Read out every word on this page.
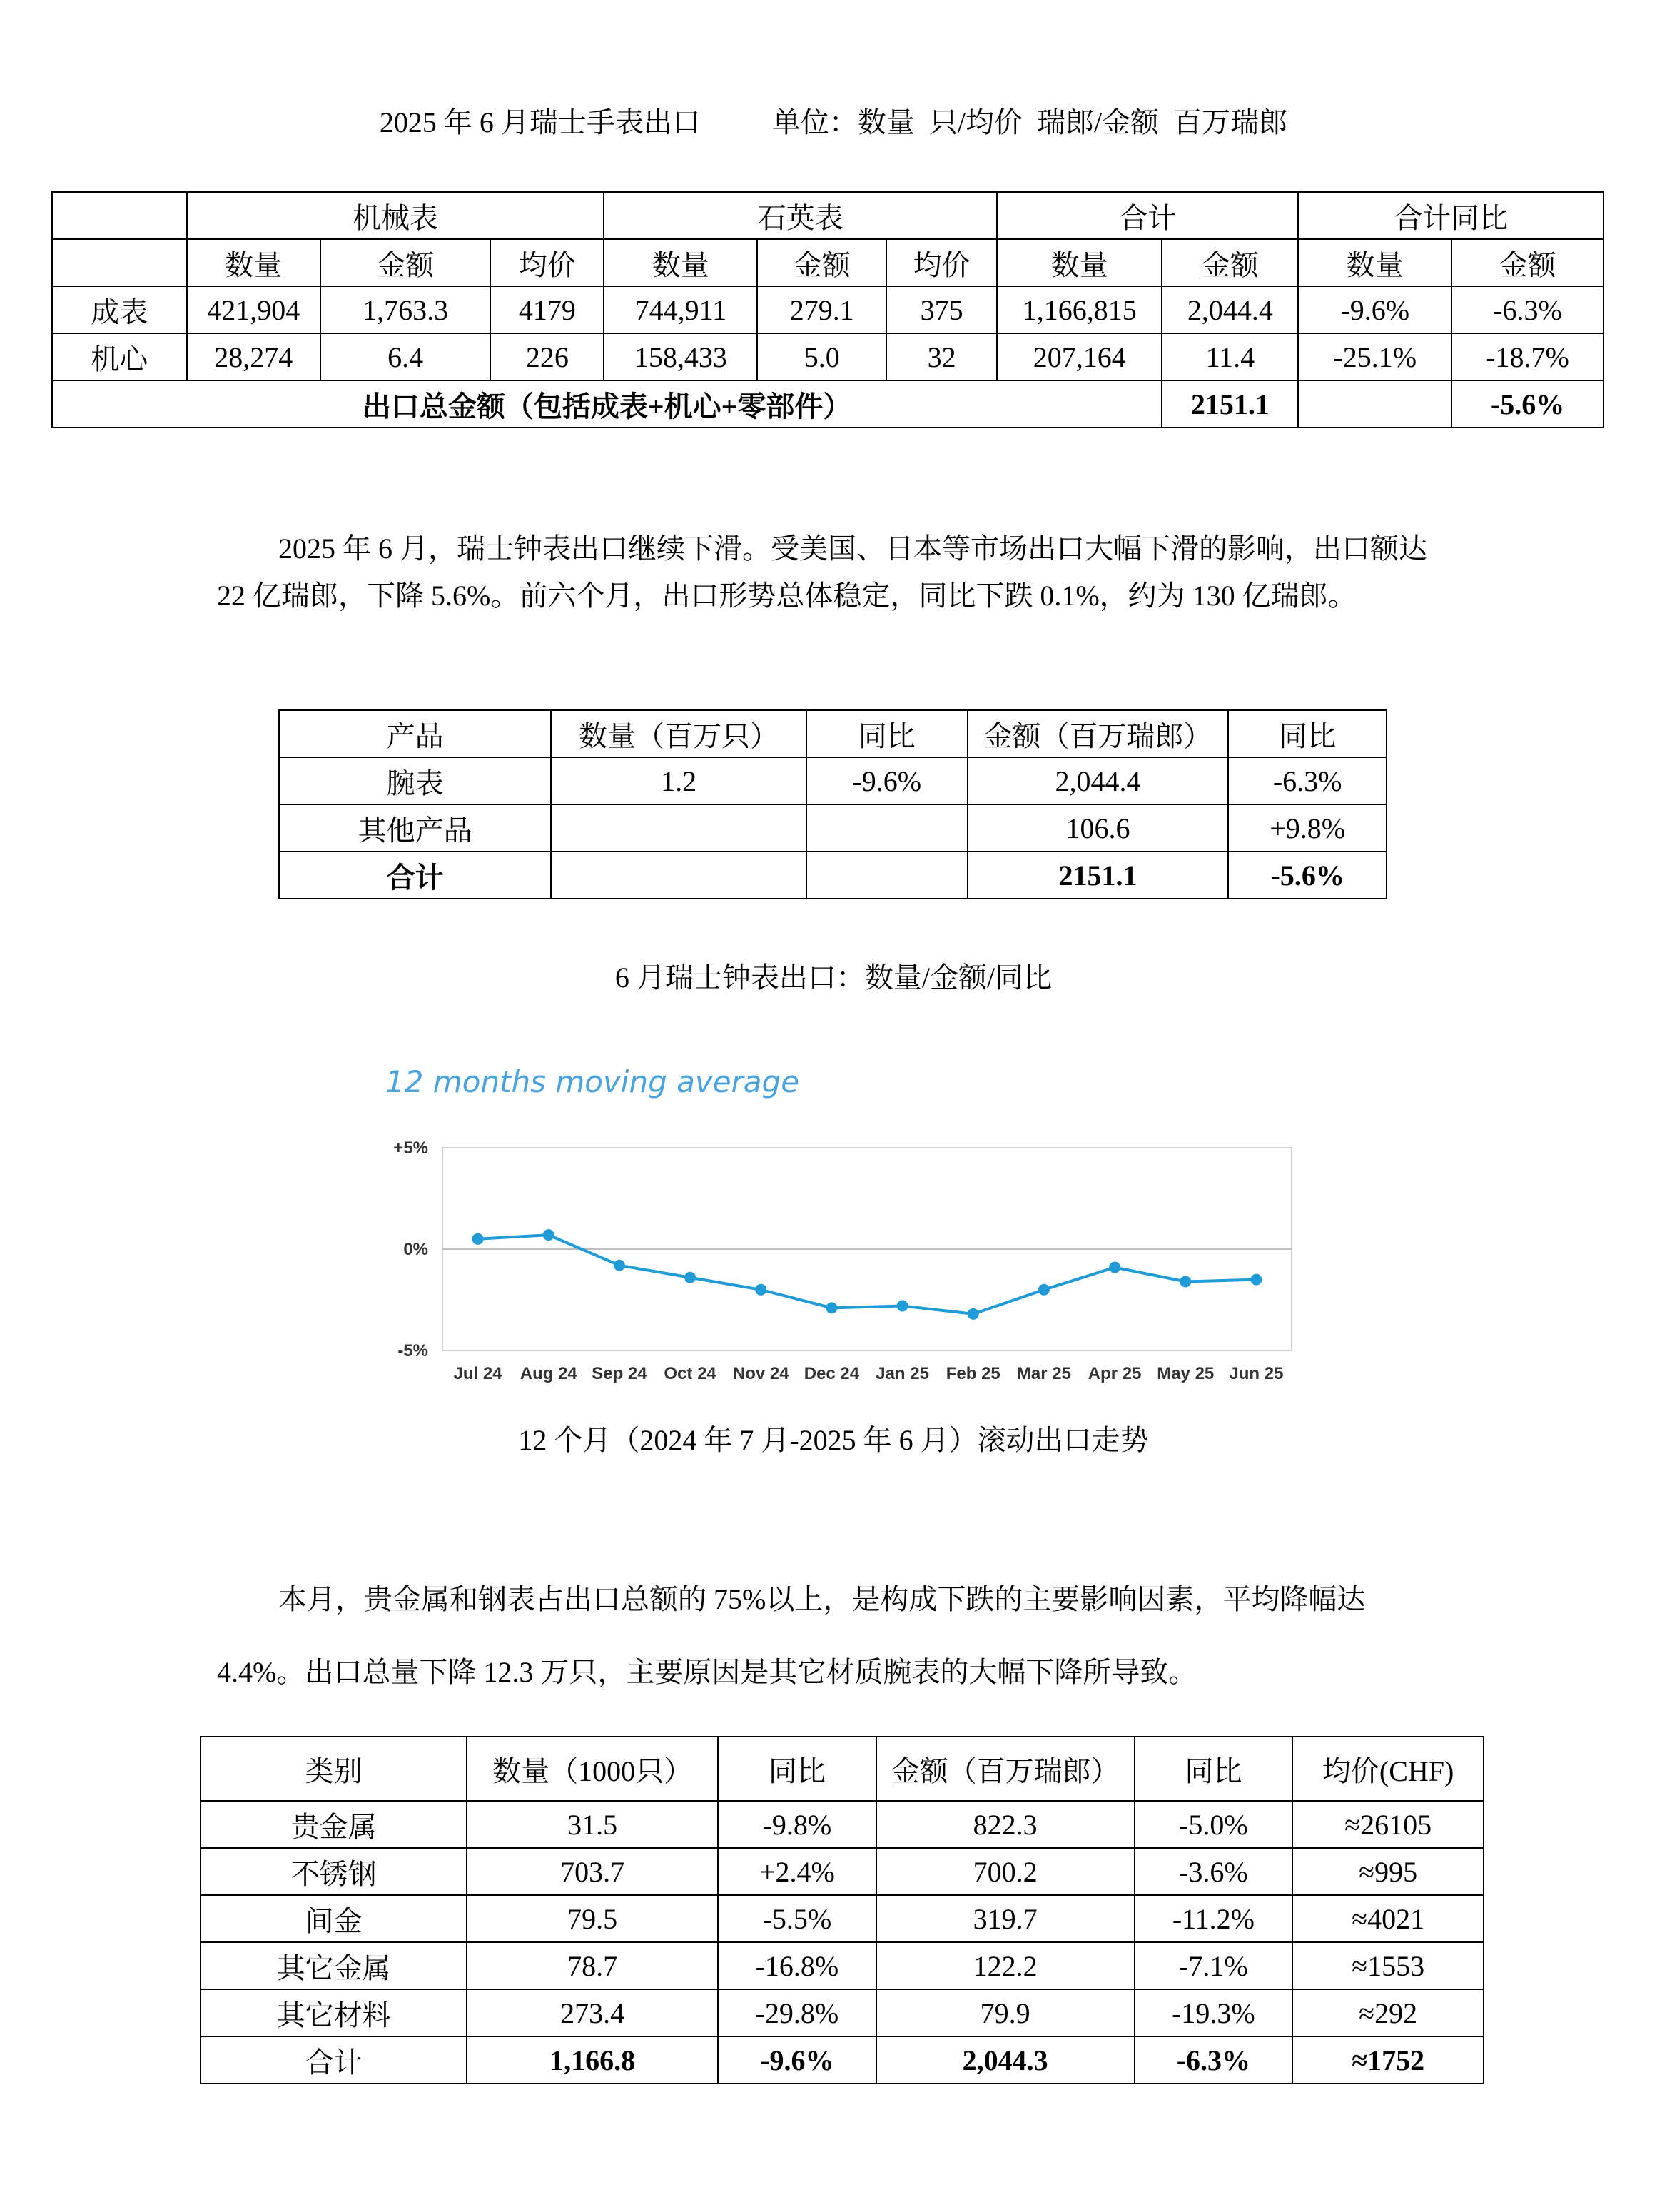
2025 年 6 月瑞士手表出口	单位：数量  只/均价  瑞郎/金额  百万瑞郎
	机械表			石英表			合计		合计同比	
	数量	金额	均价	数量	金额	均价	数量	金额	数量	金额
成表	421,904	1,763.3	4179	744,911	279.1	375	1,166,815	2,044.4	-9.6%	-6.3%
机心	28,274	6.4	226	158,433	5.0	32	207,164	11.4	-25.1%	-18.7%
出口总金额（包括成表+机心+零部件）								2151.1		-5.6%
2025 年 6 月，瑞士钟表出口继续下滑。受美国、日本等市场出口大幅下滑的影响，出口额达 22 亿瑞郎，下降 5.6%。前六个月，出口形势总体稳定，同比下跌 0.1%，约为 130 亿瑞郎。
产品	数量（百万只）	同比	金额（百万瑞郎）	同比
腕表	1.2	-9.6%	2,044.4	-6.3%
其他产品			106.6	+9.8%
合计			2151.1	-5.6%
6 月瑞士钟表出口：数量/金额/同比
12 months moving average
+5%
0%
-5%
Jul 24 Aug 24 Sep 24 Oct 24 Nov 24 Dec 24 Jan 25 Feb 25 Mar 25 Apr 25 May 25 Jun 25
12 个月（2024 年 7 月-2025 年 6 月）滚动出口走势
本月，贵金属和钢表占出口总额的 75%以上，是构成下跌的主要影响因素，平均降幅达 4.4%。出口总量下降 12.3 万只，主要原因是其它材质腕表的大幅下降所导致。
类别	数量（1000只）	同比	金额（百万瑞郎）	同比	均价(CHF)
贵金属	31.5	-9.8%	822.3	-5.0%	≈26105
不锈钢	703.7	+2.4%	700.2	-3.6%	≈995
间金	79.5	-5.5%	319.7	-11.2%	≈4021
其它金属	78.7	-16.8%	122.2	-7.1%	≈1553
其它材料	273.4	-29.8%	79.9	-19.3%	≈292
合计	1,166.8	-9.6%	2,044.3	-6.3%	≈1752
